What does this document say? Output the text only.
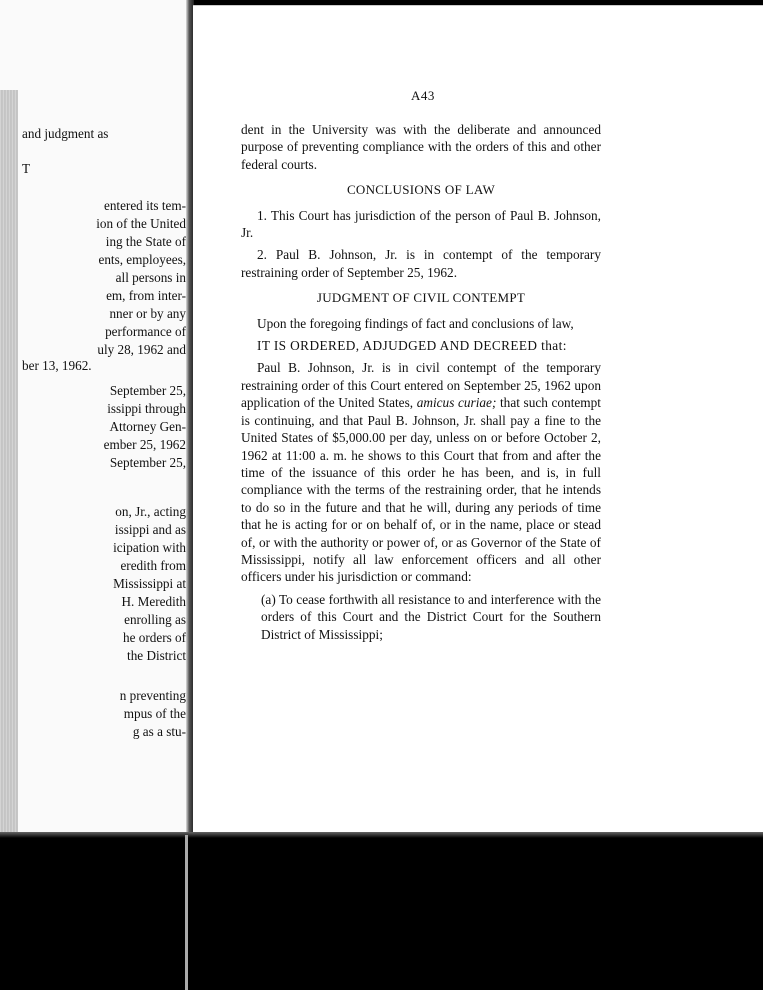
and judgment as
T
entered its tem-
ion of the United
ing the State of
ents, employees,
all persons in
em, from inter-
nner or by any
performance of
uly 28, 1962 and
ber 13, 1962.
September 25,
issippi through
Attorney Gen-
ember 25, 1962
September 25,
on, Jr., acting
issippi and as
icipation with
eredith from
Mississippi at
H. Meredith
enrolling as
he orders of
the District
n preventing
mpus of the
g as a stu-
A43

dent in the University was with the deliberate and announced purpose of preventing compliance with the orders of this and other federal courts.

CONCLUSIONS OF LAW

1. This Court has jurisdiction of the person of Paul B. Johnson, Jr.

2. Paul B. Johnson, Jr. is in contempt of the temporary restraining order of September 25, 1962.

JUDGMENT OF CIVIL CONTEMPT

Upon the foregoing findings of fact and conclusions of law,

IT IS ORDERED, ADJUDGED AND DECREED that:

Paul B. Johnson, Jr. is in civil contempt of the temporary restraining order of this Court entered on September 25, 1962 upon application of the United States, amicus curiae; that such contempt is continuing, and that Paul B. Johnson, Jr. shall pay a fine to the United States of $5,000.00 per day, unless on or before October 2, 1962 at 11:00 a. m. he shows to this Court that from and after the time of the issuance of this order he has been, and is, in full compliance with the terms of the restraining order, that he intends to do so in the future and that he will, during any periods of time that he is acting for or on behalf of, or in the name, place or stead of, or with the authority or power of, or as Governor of the State of Mississippi, notify all law enforcement officers and all other officers under his jurisdiction or command:

(a) To cease forthwith all resistance to and interference with the orders of this Court and the District Court for the Southern District of Mississippi;
